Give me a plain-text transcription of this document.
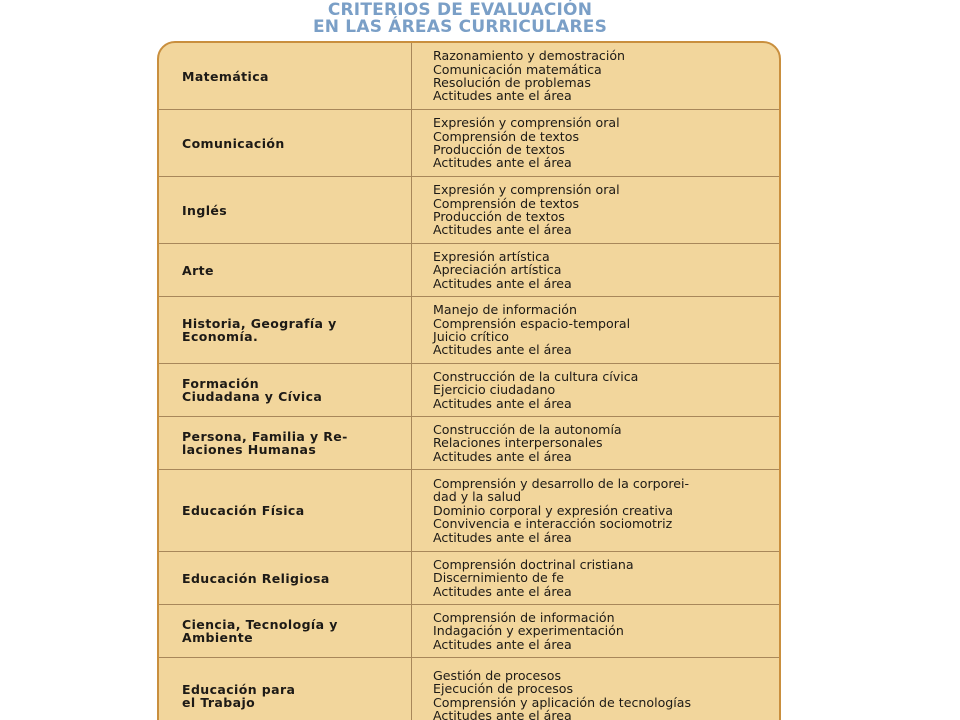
CRITERIOS DE EVALUACIÓN
EN LAS ÁREAS CURRICULARES
Matemática
Razonamiento y demostración
Comunicación matemática
Resolución de problemas
Actitudes ante el área
Comunicación
Expresión y comprensión oral
Comprensión de textos
Producción de textos
Actitudes ante el área
Inglés
Expresión y comprensión oral
Comprensión de textos
Producción de textos
Actitudes ante el área
Arte
Expresión artística
Apreciación artística
Actitudes ante el área
Historia, Geografía y
Economía.
Manejo de información
Comprensión espacio-temporal
Juicio crítico
Actitudes ante el área
Formación
Ciudadana y Cívica
Construcción de la cultura cívica
Ejercicio ciudadano
Actitudes ante el área
Persona, Familia y Re-
laciones Humanas
Construcción de la autonomía
Relaciones interpersonales
Actitudes ante el área
Educación Física
Comprensión y desarrollo de la corporei-
dad y la salud
Dominio corporal y expresión creativa
Convivencia e interacción sociomotriz
Actitudes ante el área
Educación Religiosa
Comprensión doctrinal cristiana
Discernimiento de fe
Actitudes ante el área
Ciencia, Tecnología y
Ambiente
Comprensión de información
Indagación y experimentación
Actitudes ante el área
Educación para
el Trabajo
Gestión de procesos
Ejecución de procesos
Comprensión y aplicación de tecnologías
Actitudes ante el área
